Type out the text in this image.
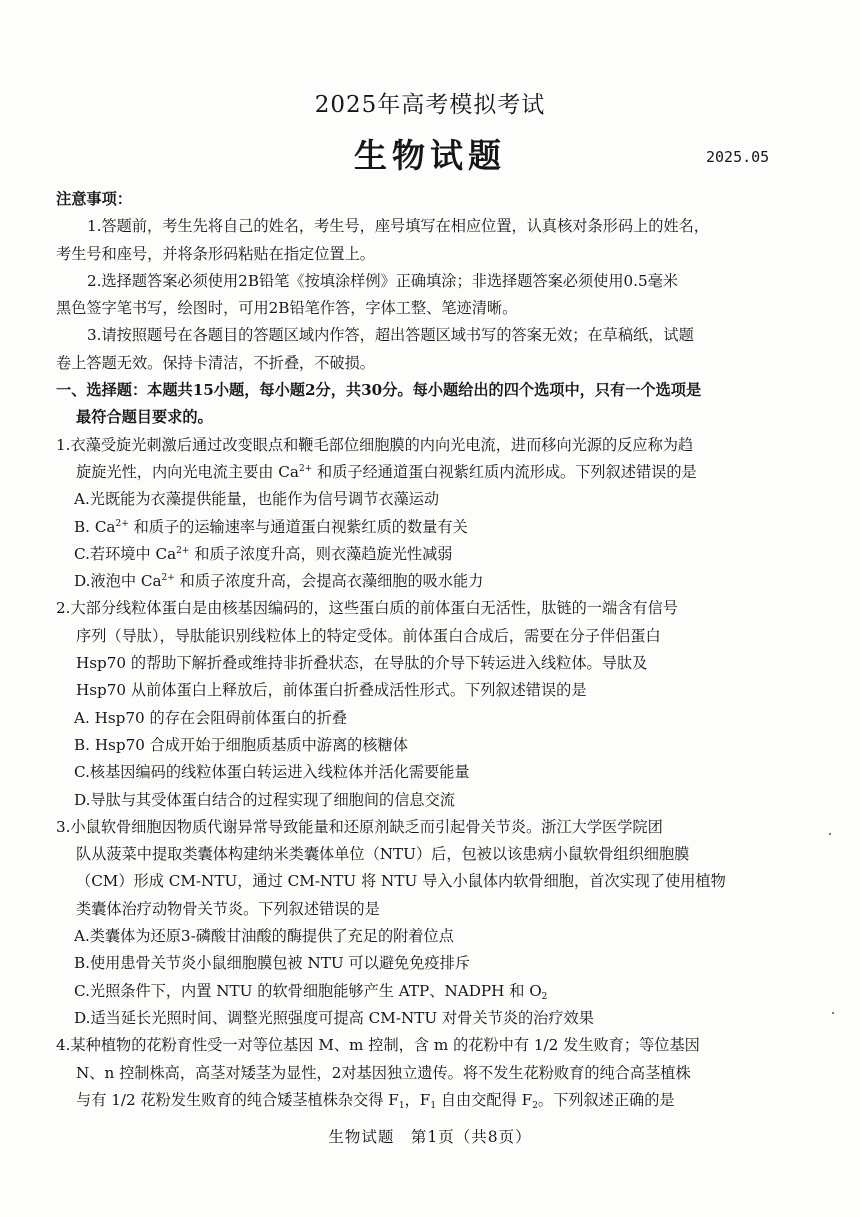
2025年高考模拟考试
生物试题	2025.05
注意事项：
1.答题前，考生先将自己的姓名，考生号，座号填写在相应位置，认真核对条形码上的姓名，
考生号和座号，并将条形码粘贴在指定位置上。
2.选择题答案必须使用2B铅笔《按填涂样例》正确填涂；非选择题答案必须使用0.5毫米
黑色签字笔书写，绘图时，可用2B铅笔作答，字体工整、笔迹清晰。
3.请按照题号在各题目的答题区域内作答，超出答题区域书写的答案无效；在草稿纸，试题
卷上答题无效。保持卡清洁，不折叠，不破损。
一、选择题：本题共15小题，每小题2分，共30分。每小题给出的四个选项中，只有一个选项是
最符合题目要求的。
1.衣藻受旋光刺激后通过改变眼点和鞭毛部位细胞膜的内向光电流，进而移向光源的反应称为趋
旋旋光性，内向光电流主要由 $Ca^{2+}$ 和质子经通道蛋白视紫红质内流形成。下列叙述错误的是
A.光既能为衣藻提供能量，也能作为信号调节衣藻运动
B. $Ca^{2+}$ 和质子的运输速率与通道蛋白视紫红质的数量有关
C.若环境中 $Ca^{2+}$ 和质子浓度升高，则衣藻趋旋光性减弱
D.液泡中 $Ca^{2+}$ 和质子浓度升高，会提高衣藻细胞的吸水能力
2.大部分线粒体蛋白是由核基因编码的，这些蛋白质的前体蛋白无活性，肽链的一端含有信号
序列（导肽），导肽能识别线粒体上的特定受体。前体蛋白合成后，需要在分子伴侣蛋白
Hsp70 的帮助下解折叠或维持非折叠状态，在导肽的介导下转运进入线粒体。导肽及
Hsp70 从前体蛋白上释放后，前体蛋白折叠成活性形式。下列叙述错误的是
A. Hsp70 的存在会阻碍前体蛋白的折叠
B. Hsp70 合成开始于细胞质基质中游离的核糖体
C.核基因编码的线粒体蛋白转运进入线粒体并活化需要能量
D.导肽与其受体蛋白结合的过程实现了细胞间的信息交流
3.小鼠软骨细胞因物质代谢异常导致能量和还原剂缺乏而引起骨关节炎。浙江大学医学院团
队从菠菜中提取类囊体构建纳米类囊体单位（NTU）后，包被以该患病小鼠软骨组织细胞膜
（CM）形成 CM-NTU，通过 CM-NTU 将 NTU 导入小鼠体内软骨细胞，首次实现了使用植物
类囊体治疗动物骨关节炎。下列叙述错误的是
A.类囊体为还原3-磷酸甘油酸的酶提供了充足的附着位点
B.使用患骨关节炎小鼠细胞膜包被 NTU 可以避免免疫排斥
C.光照条件下，内置 NTU 的软骨细胞能够产生 ATP、NADPH 和 $O_2$
D.适当延长光照时间、调整光照强度可提高 CM-NTU 对骨关节炎的治疗效果
4.某种植物的花粉育性受一对等位基因 M、m 控制，含 m 的花粉中有 1/2 发生败育；等位基因
N、n 控制株高，高茎对矮茎为显性，2对基因独立遗传。将不发生花粉败育的纯合高茎植株
与有 1/2 花粉发生败育的纯合矮茎植株杂交得 $F_1$，$F_1$ 自由交配得 $F_2$。下列叙述正确的是
生物试题　第1页（共8页）
